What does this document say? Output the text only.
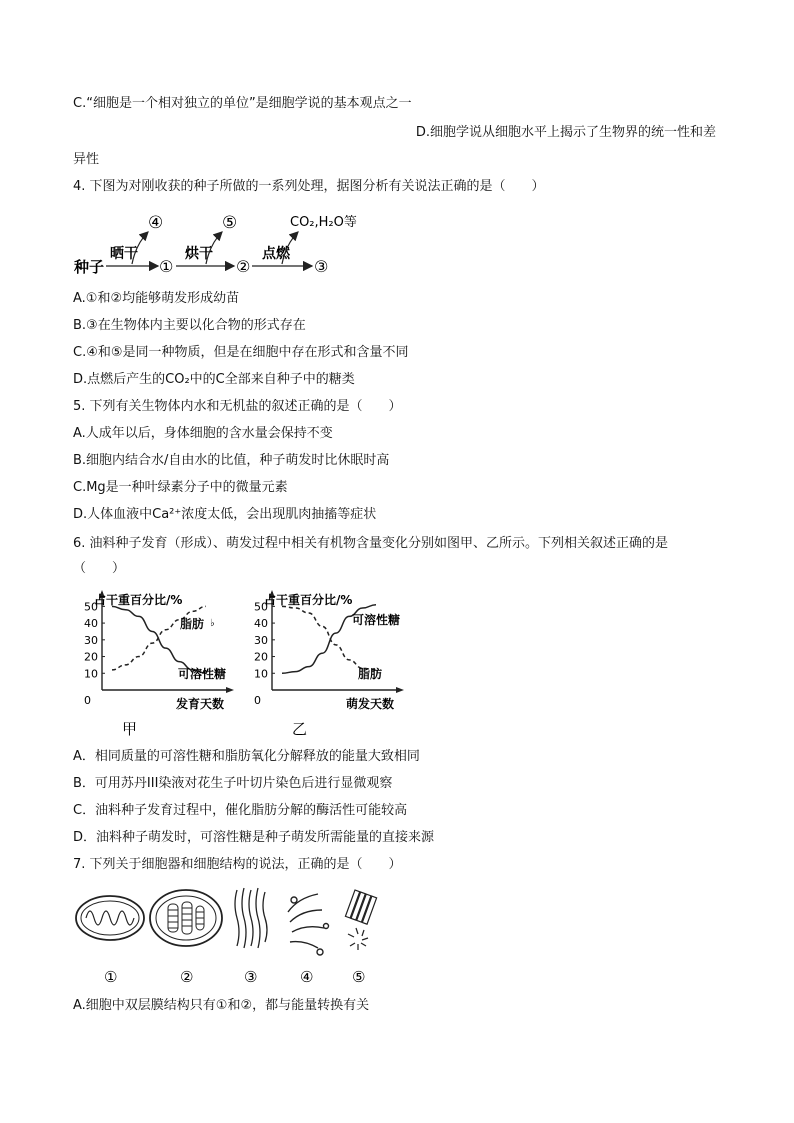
C.“细胞是一个相对独立的单位”是细胞学说的基本观点之一
D.细胞学说从细胞水平上揭示了生物界的统一性和差
异性
4. 下图为对刚收获的种子所做的一系列处理，据图分析有关说法正确的是（　　）
种子
晒干
①
烘干
②
点燃
③
④	⑤	CO₂,H₂O等
A.①和②均能够萌发形成幼苗
B.③在生物体内主要以化合物的形式存在
C.④和⑤是同一种物质，但是在细胞中存在形式和含量不同
D.点燃后产生的CO₂中的C全部来自种子中的糖类
5. 下列有关生物体内水和无机盐的叙述正确的是（　　）
A.人成年以后，身体细胞的含水量会保持不变
B.细胞内结合水/自由水的比值，种子萌发时比休眠时高
C.Mg是一种叶绿素分子中的微量元素
D.人体血液中Ca²⁺浓度太低，会出现肌肉抽搐等症状
6. 油料种子发育（形成）、萌发过程中相关有机物含量变化分别如图甲、乙所示。下列相关叙述正确的是
（　　）
占干重百分比/%
10
20
30
40
50
0	发育天数
甲
脂肪
可溶性糖
♭
占干重百分比/%
10
20
30
40
50
0	萌发天数
乙
可溶性糖
脂肪
A．相同质量的可溶性糖和脂肪氧化分解释放的能量大致相同
B．可用苏丹III染液对花生子叶切片染色后进行显微观察
C．油料种子发育过程中，催化脂肪分解的酶活性可能较高
D．油料种子萌发时，可溶性糖是种子萌发所需能量的直接来源
7. 下列关于细胞器和细胞结构的说法，正确的是（　　）
①	②	③	④	⑤
A.细胞中双层膜结构只有①和②，都与能量转换有关
